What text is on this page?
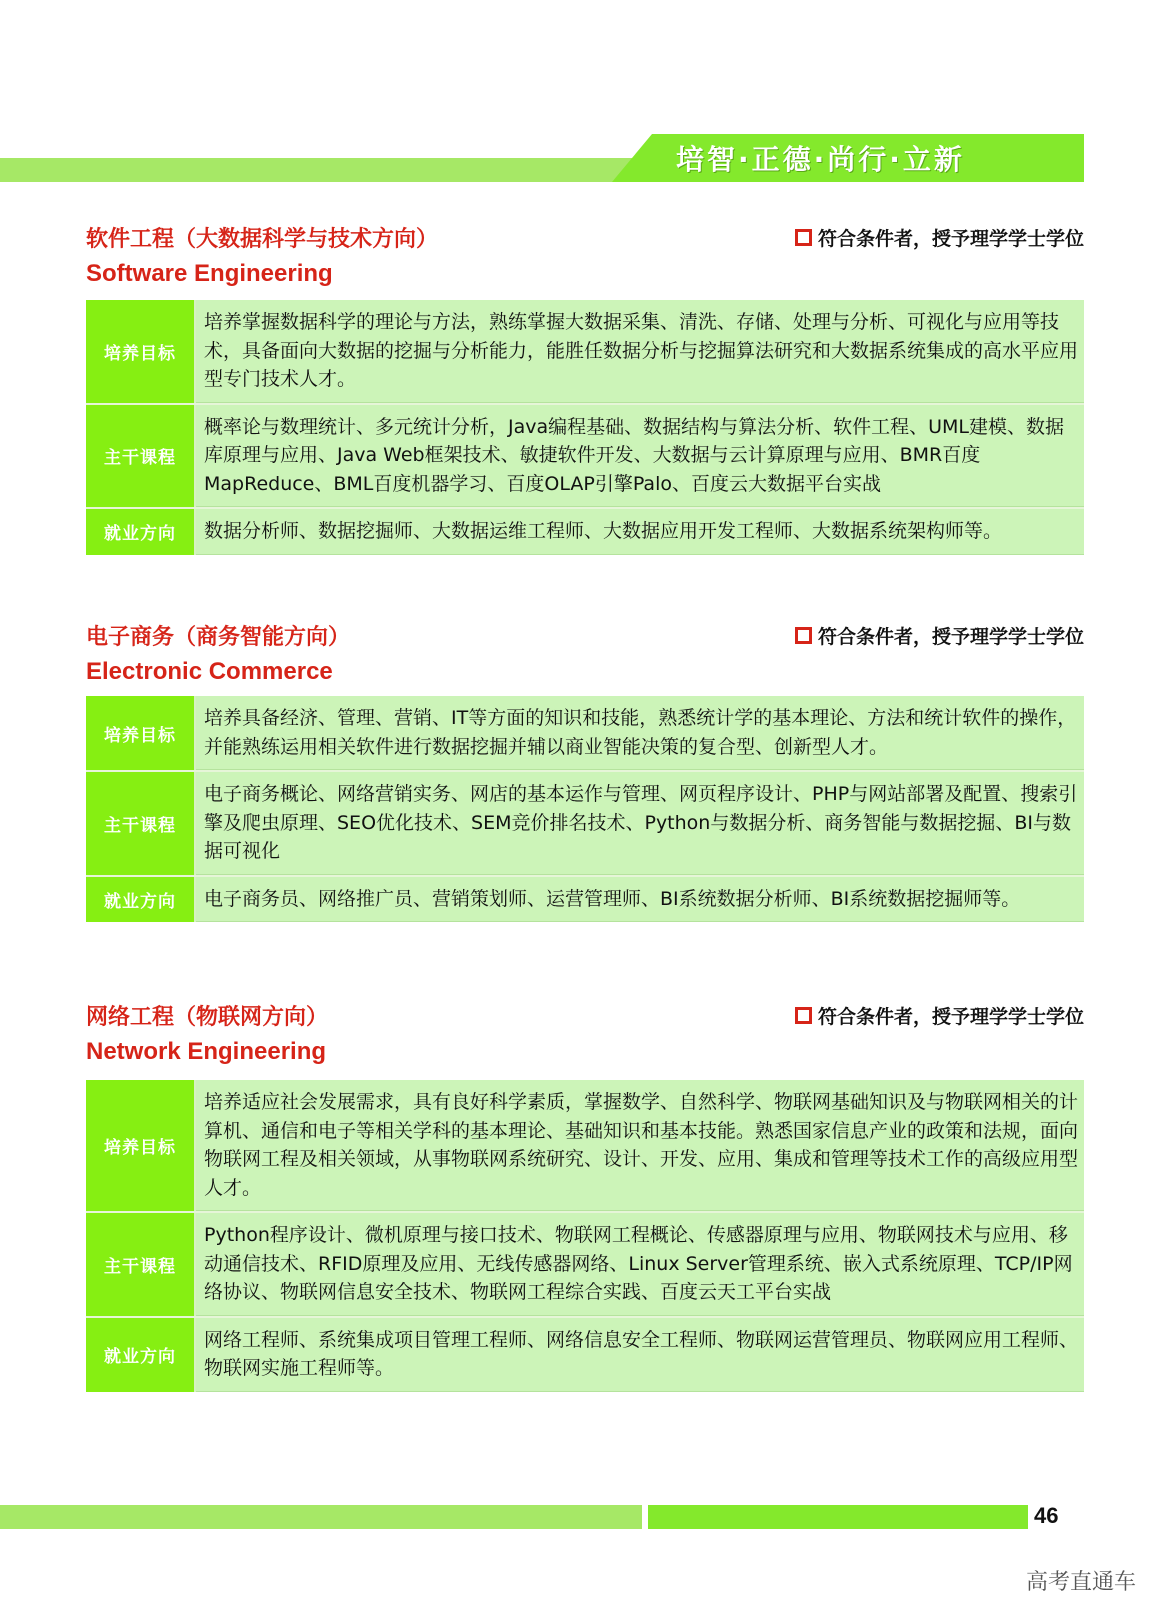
培智·正德·尚行·立新
软件工程（大数据科学与技术方向）
Software Engineering
符合条件者，授予理学学士学位
培养目标
培养掌握数据科学的理论与方法，熟练掌握大数据采集、清洗、存储、处理与分析、可视化与应用等技术，具备面向大数据的挖掘与分析能力，能胜任数据分析与挖掘算法研究和大数据系统集成的高水平应用型专门技术人才。
主干课程
概率论与数理统计、多元统计分析，Java编程基础、数据结构与算法分析、软件工程、UML建模、数据库原理与应用、Java Web框架技术、敏捷软件开发、大数据与云计算原理与应用、BMR百度MapReduce、BML百度机器学习、百度OLAP引擎Palo、百度云大数据平台实战
就业方向	数据分析师、数据挖掘师、大数据运维工程师、大数据应用开发工程师、大数据系统架构师等。
电子商务（商务智能方向）
Electronic Commerce
符合条件者，授予理学学士学位
培养目标
培养具备经济、管理、营销、IT等方面的知识和技能，熟悉统计学的基本理论、方法和统计软件的操作，并能熟练运用相关软件进行数据挖掘并辅以商业智能决策的复合型、创新型人才。
主干课程
电子商务概论、网络营销实务、网店的基本运作与管理、网页程序设计、PHP与网站部署及配置、搜索引擎及爬虫原理、SEO优化技术、SEM竞价排名技术、Python与数据分析、商务智能与数据挖掘、BI与数据可视化
就业方向	电子商务员、网络推广员、营销策划师、运营管理师、BI系统数据分析师、BI系统数据挖掘师等。
网络工程（物联网方向）
Network Engineering
符合条件者，授予理学学士学位
培养目标
培养适应社会发展需求，具有良好科学素质，掌握数学、自然科学、物联网基础知识及与物联网相关的计算机、通信和电子等相关学科的基本理论、基础知识和基本技能。熟悉国家信息产业的政策和法规，面向物联网工程及相关领域，从事物联网系统研究、设计、开发、应用、集成和管理等技术工作的高级应用型人才。
主干课程
Python程序设计、微机原理与接口技术、物联网工程概论、传感器原理与应用、物联网技术与应用、移动通信技术、RFID原理及应用、无线传感器网络、Linux Server管理系统、嵌入式系统原理、TCP/IP网络协议、物联网信息安全技术、物联网工程综合实践、百度云天工平台实战
就业方向
网络工程师、系统集成项目管理工程师、网络信息安全工程师、物联网运营管理员、物联网应用工程师、物联网实施工程师等。
46
高考直通车
